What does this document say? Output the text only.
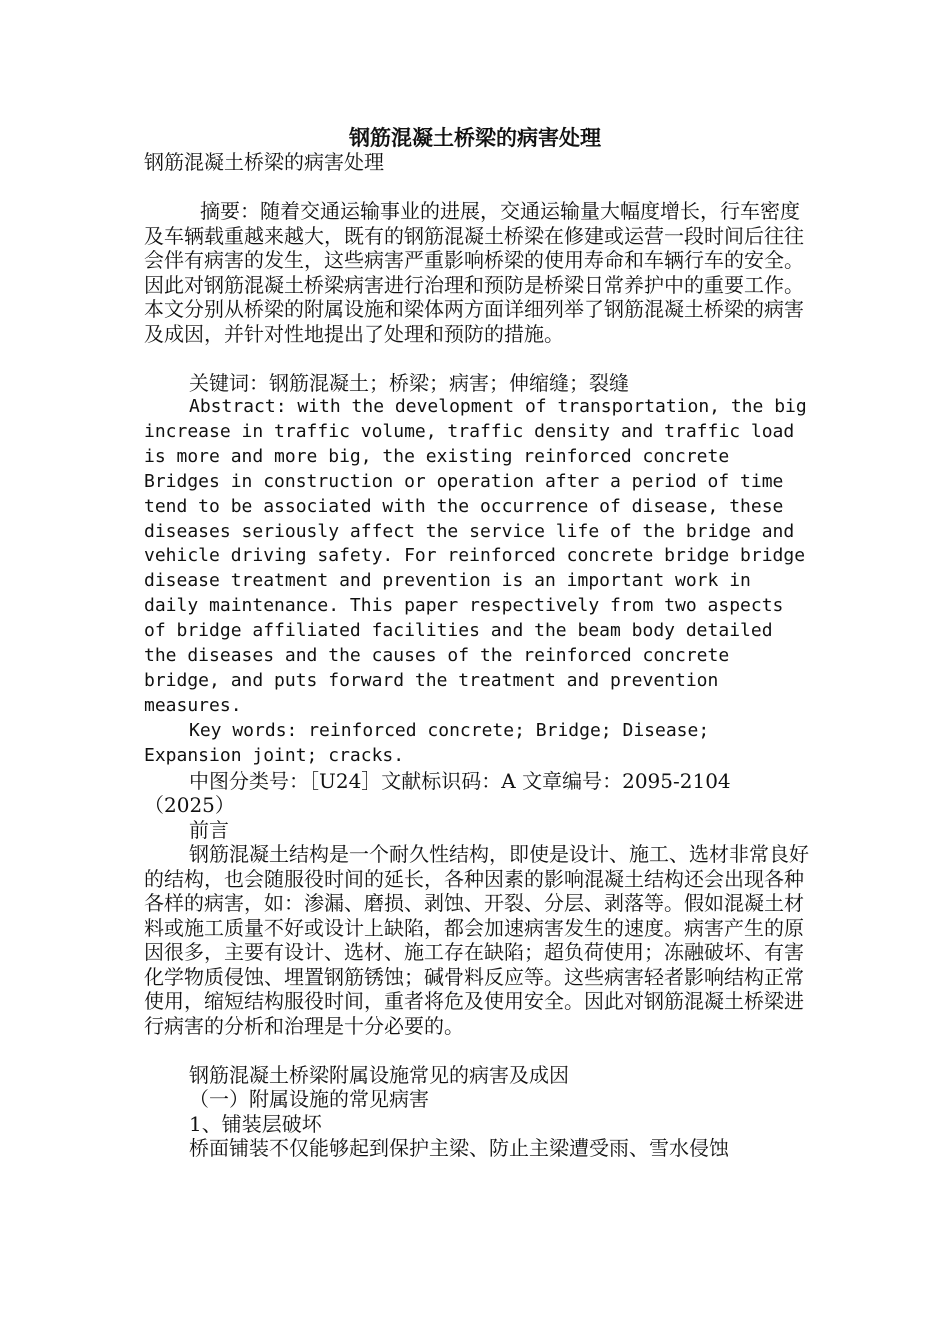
钢筋混凝土桥梁的病害处理

钢筋混凝土桥梁的病害处理

摘要：随着交通运输事业的进展，交通运输量大幅度增长，行车密度及车辆载重越来越大，既有的钢筋混凝土桥梁在修建或运营一段时间后往往会伴有病害的发生，这些病害严重影响桥梁的使用寿命和车辆行车的安全。因此对钢筋混凝土桥梁病害进行治理和预防是桥梁日常养护中的重要工作。本文分别从桥梁的附属设施和梁体两方面详细列举了钢筋混凝土桥梁的病害及成因，并针对性地提出了处理和预防的措施。

关键词：钢筋混凝土；桥梁；病害；伸缩缝；裂缝

Abstract: with the development of transportation, the big increase in traffic volume, traffic density and traffic load is more and more big, the existing reinforced concrete Bridges in construction or operation after a period of time tend to be associated with the occurrence of disease, these diseases seriously affect the service life of the bridge and vehicle driving safety. For reinforced concrete bridge bridge disease treatment and prevention is an important work in daily maintenance. This paper respectively from two aspects of bridge affiliated facilities and the beam body detailed the diseases and the causes of the reinforced concrete bridge, and puts forward the treatment and prevention measures.

Key words: reinforced concrete; Bridge; Disease; Expansion joint; cracks.

中图分类号：［U24］文献标识码：A 文章编号：2095-2104（2025）

前言

钢筋混凝土结构是一个耐久性结构，即使是设计、施工、选材非常良好的结构，也会随服役时间的延长，各种因素的影响混凝土结构还会出现各种各样的病害，如：渗漏、磨损、剥蚀、开裂、分层、剥落等。假如混凝土材料或施工质量不好或设计上缺陷，都会加速病害发生的速度。病害产生的原因很多，主要有设计、选材、施工存在缺陷；超负荷使用；冻融破坏、有害化学物质侵蚀、埋置钢筋锈蚀；碱骨料反应等。这些病害轻者影响结构正常使用，缩短结构服役时间，重者将危及使用安全。因此对钢筋混凝土桥梁进行病害的分析和治理是十分必要的。

钢筋混凝土桥梁附属设施常见的病害及成因

（一）附属设施的常见病害

1、铺装层破坏

桥面铺装不仅能够起到保护主梁、防止主梁遭受雨、雪水侵蚀
